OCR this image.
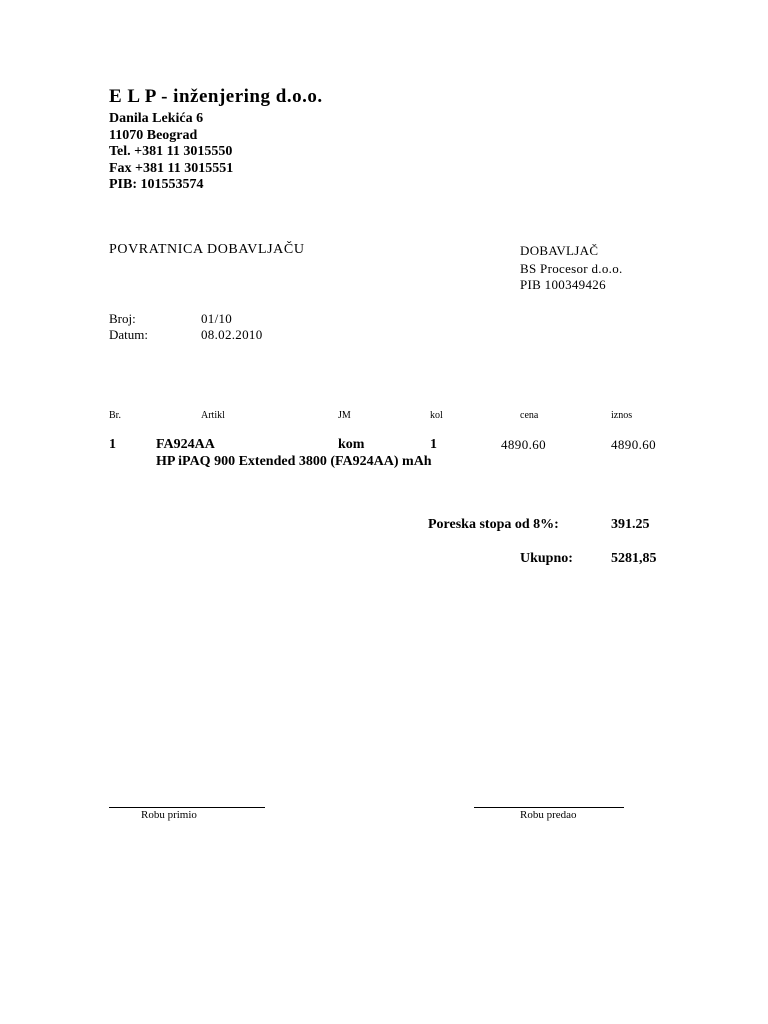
E L P - inženjering d.o.o.
Danila Lekića 6
11070 Beograd
Tel. +381 11 3015550
Fax +381 11 3015551
PIB: 101553574
POVRATNICA DOBAVLJAČU	DOBAVLJAČ
BS Procesor d.o.o.
PIB 100349426
Broj:	01/10
Datum:	08.02.2010
Br.	Artikl	JM	kol	cena	iznos
1	FA924AA	kom	1	4890.60	4890.60
HP iPAQ 900 Extended 3800 (FA924AA) mAh
Poreska stopa od 8%:	391.25
Ukupno:	5281,85
Robu primio	Robu predao
